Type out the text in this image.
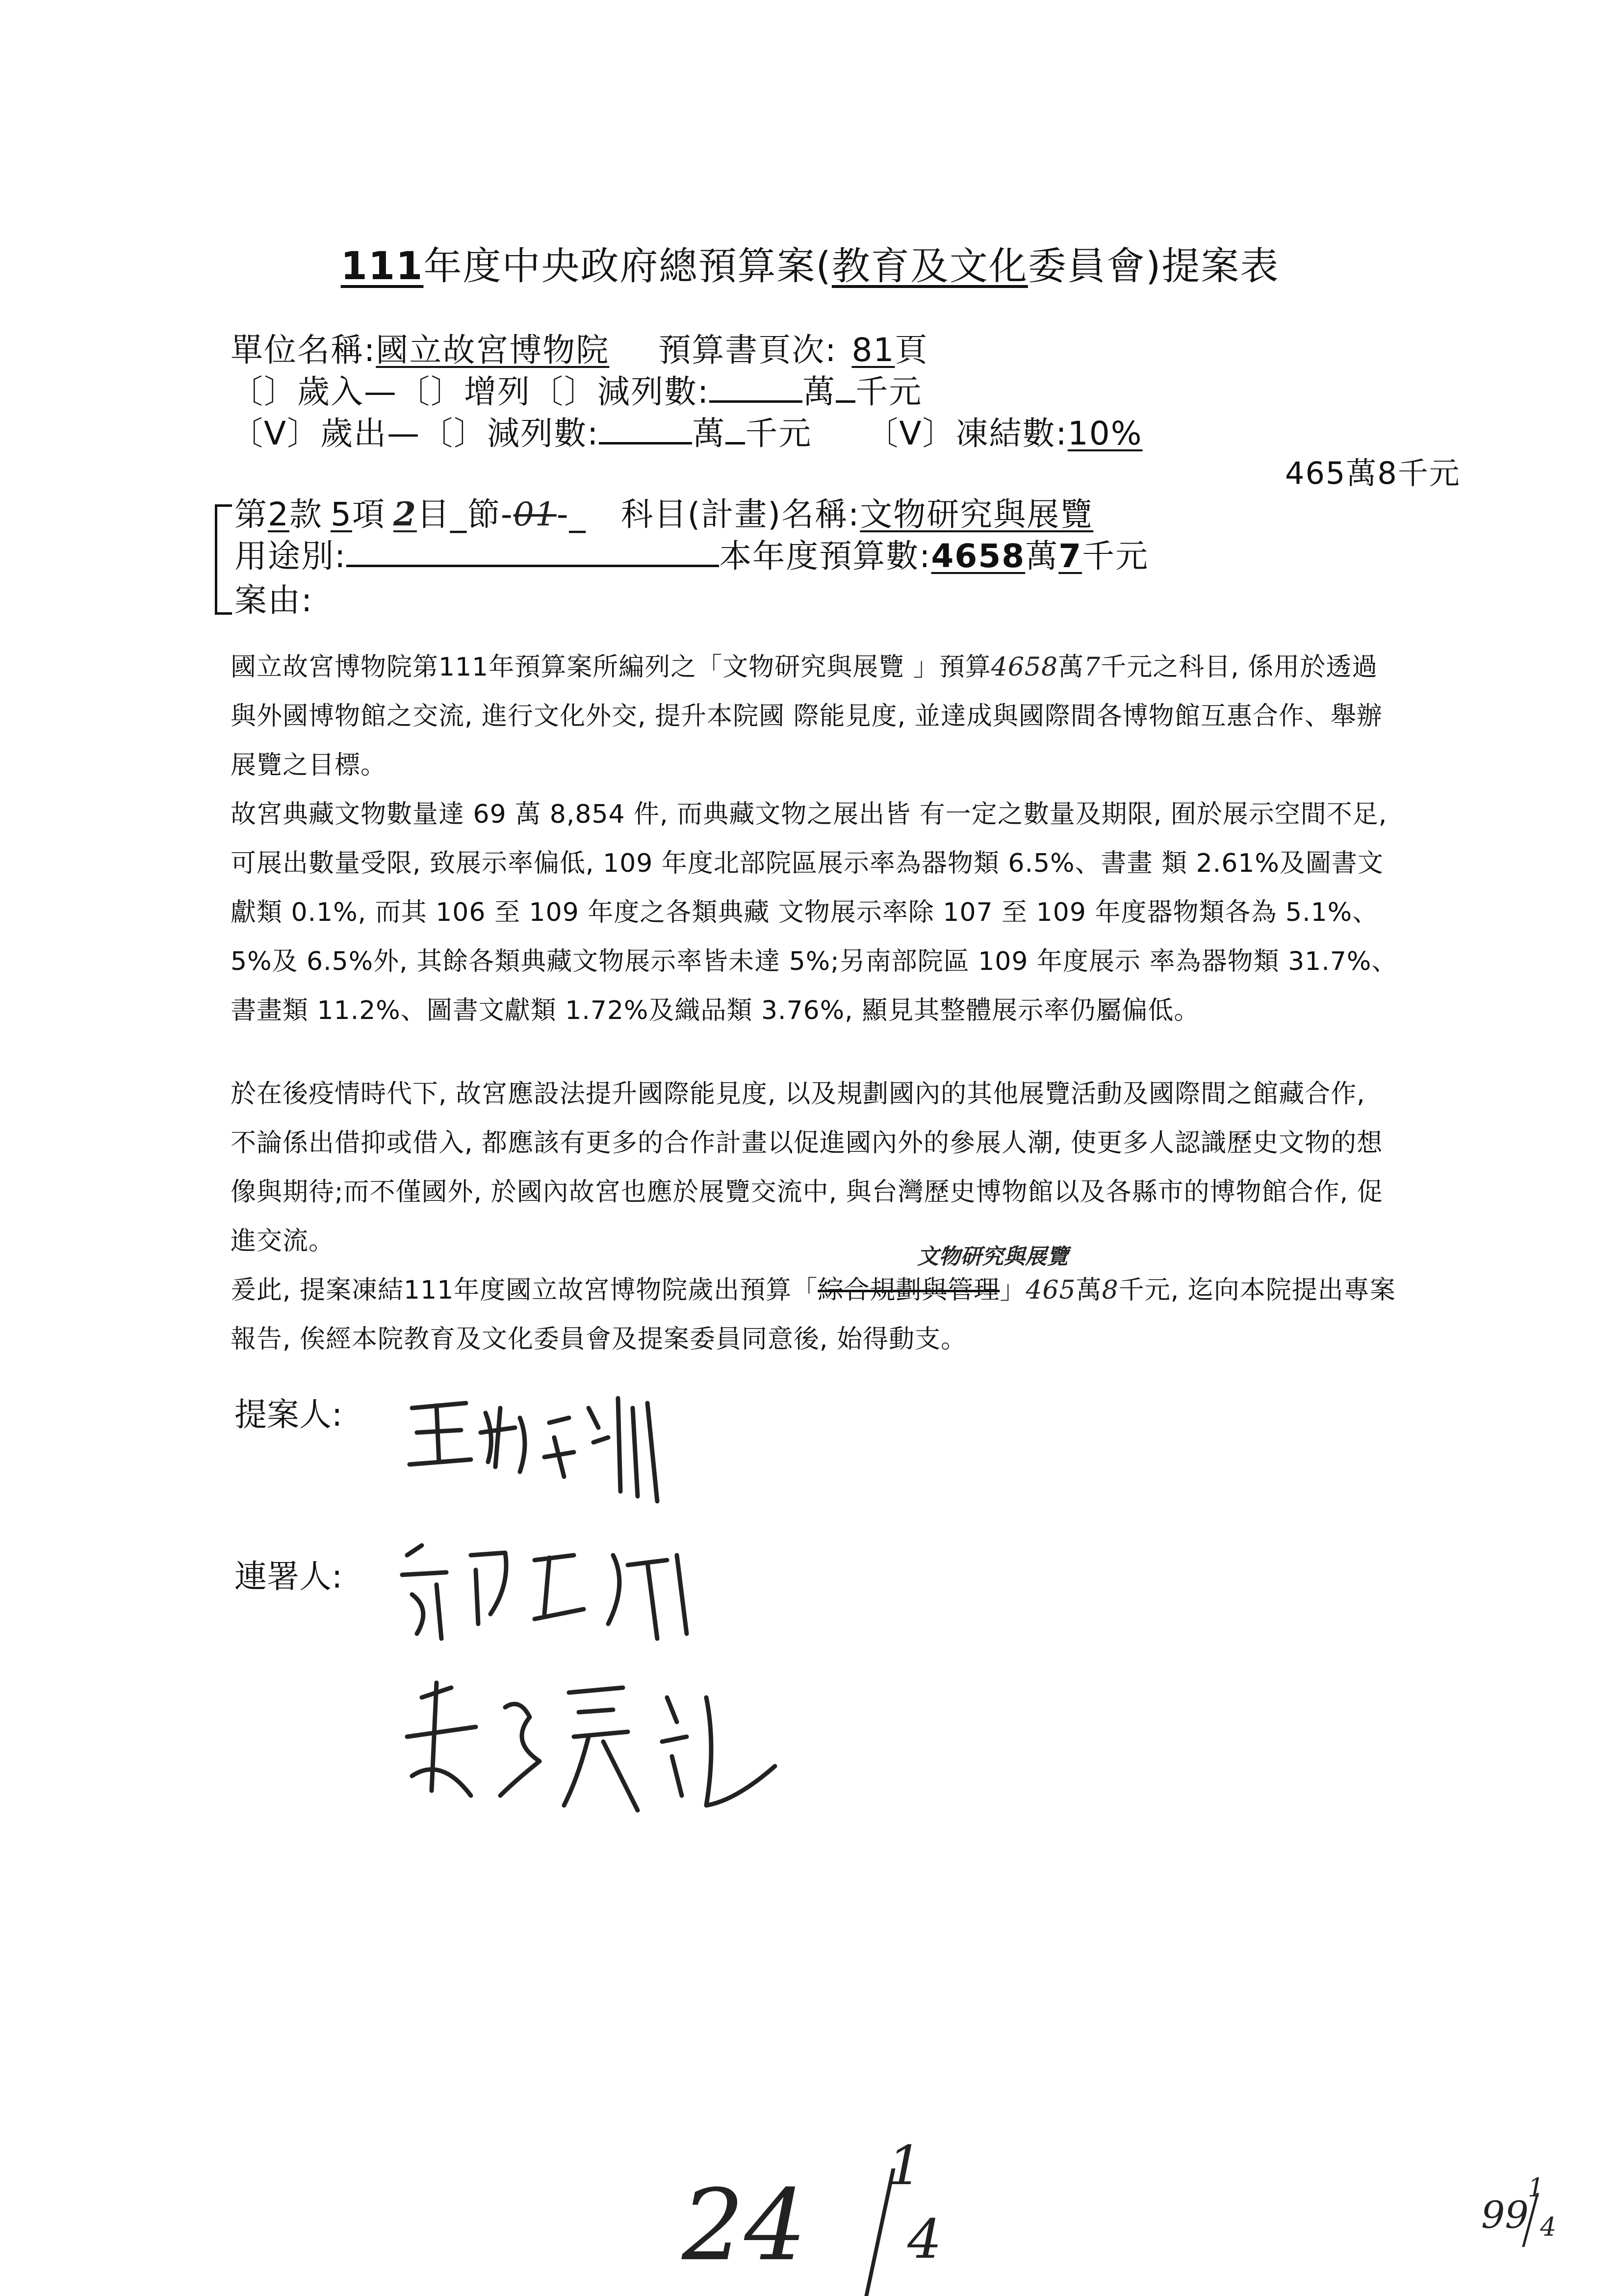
111年度中央政府總預算案(教育及文化委員會)提案表
單位名稱:國立故宮博物院 預算書頁次: 81頁
〔〕歲入—〔〕增列〔〕減列數:	萬 千元
〔V〕歲出—〔〕減列數:	萬 千元 〔V〕凍結數:10%
465萬8千元
第2款 5項 2目_節-01-_ 科目(計畫)名稱:文物研究與展覽
用途別:	本年度預算數:4658萬7千元
案由:
國立故宮博物院第111年預算案所編列之「文物研究與展覽 」預算4658萬7千元之科目, 係用於透過與外國博物館之交流, 進行文化外交, 提升本院國 際能見度, 並達成與國際間各博物館互惠合作、舉辦展覽之目標。
故宮典藏文物數量達 69 萬 8,854 件, 而典藏文物之展出皆 有一定之數量及期限, 囿於展示空間不足, 可展出數量受限, 致展示率偏低, 109 年度北部院區展示率為器物類 6.5%、書畫 類 2.61%及圖書文獻類 0.1%, 而其 106 至 109 年度之各類典藏 文物展示率除 107 至 109 年度器物類各為 5.1%、5%及 6.5%外, 其餘各類典藏文物展示率皆未達 5%;另南部院區 109 年度展示 率為器物類 31.7%、書畫類 11.2%、圖書文獻類 1.72%及織品類 3.76%, 顯見其整體展示率仍屬偏低。
於在後疫情時代下, 故宮應設法提升國際能見度, 以及規劃國內的其他展覽活動及國際間之館藏合作, 不論係出借抑或借入, 都應該有更多的合作計畫以促進國內外的參展人潮, 使更多人認識歷史文物的想像與期待;而不僅國外, 於國內故宮也應於展覽交流中, 與台灣歷史博物館以及各縣市的博物館合作, 促進交流。
文物研究與展覽
爰此, 提案凍結111年度國立故宮博物院歲出預算「綜合規劃與管理」465萬8千元, 迄向本院提出專案報告, 俟經本院教育及文化委員會及提案委員同意後, 始得動支。
提案人:
連署人:
24
1
4	99
1
4
